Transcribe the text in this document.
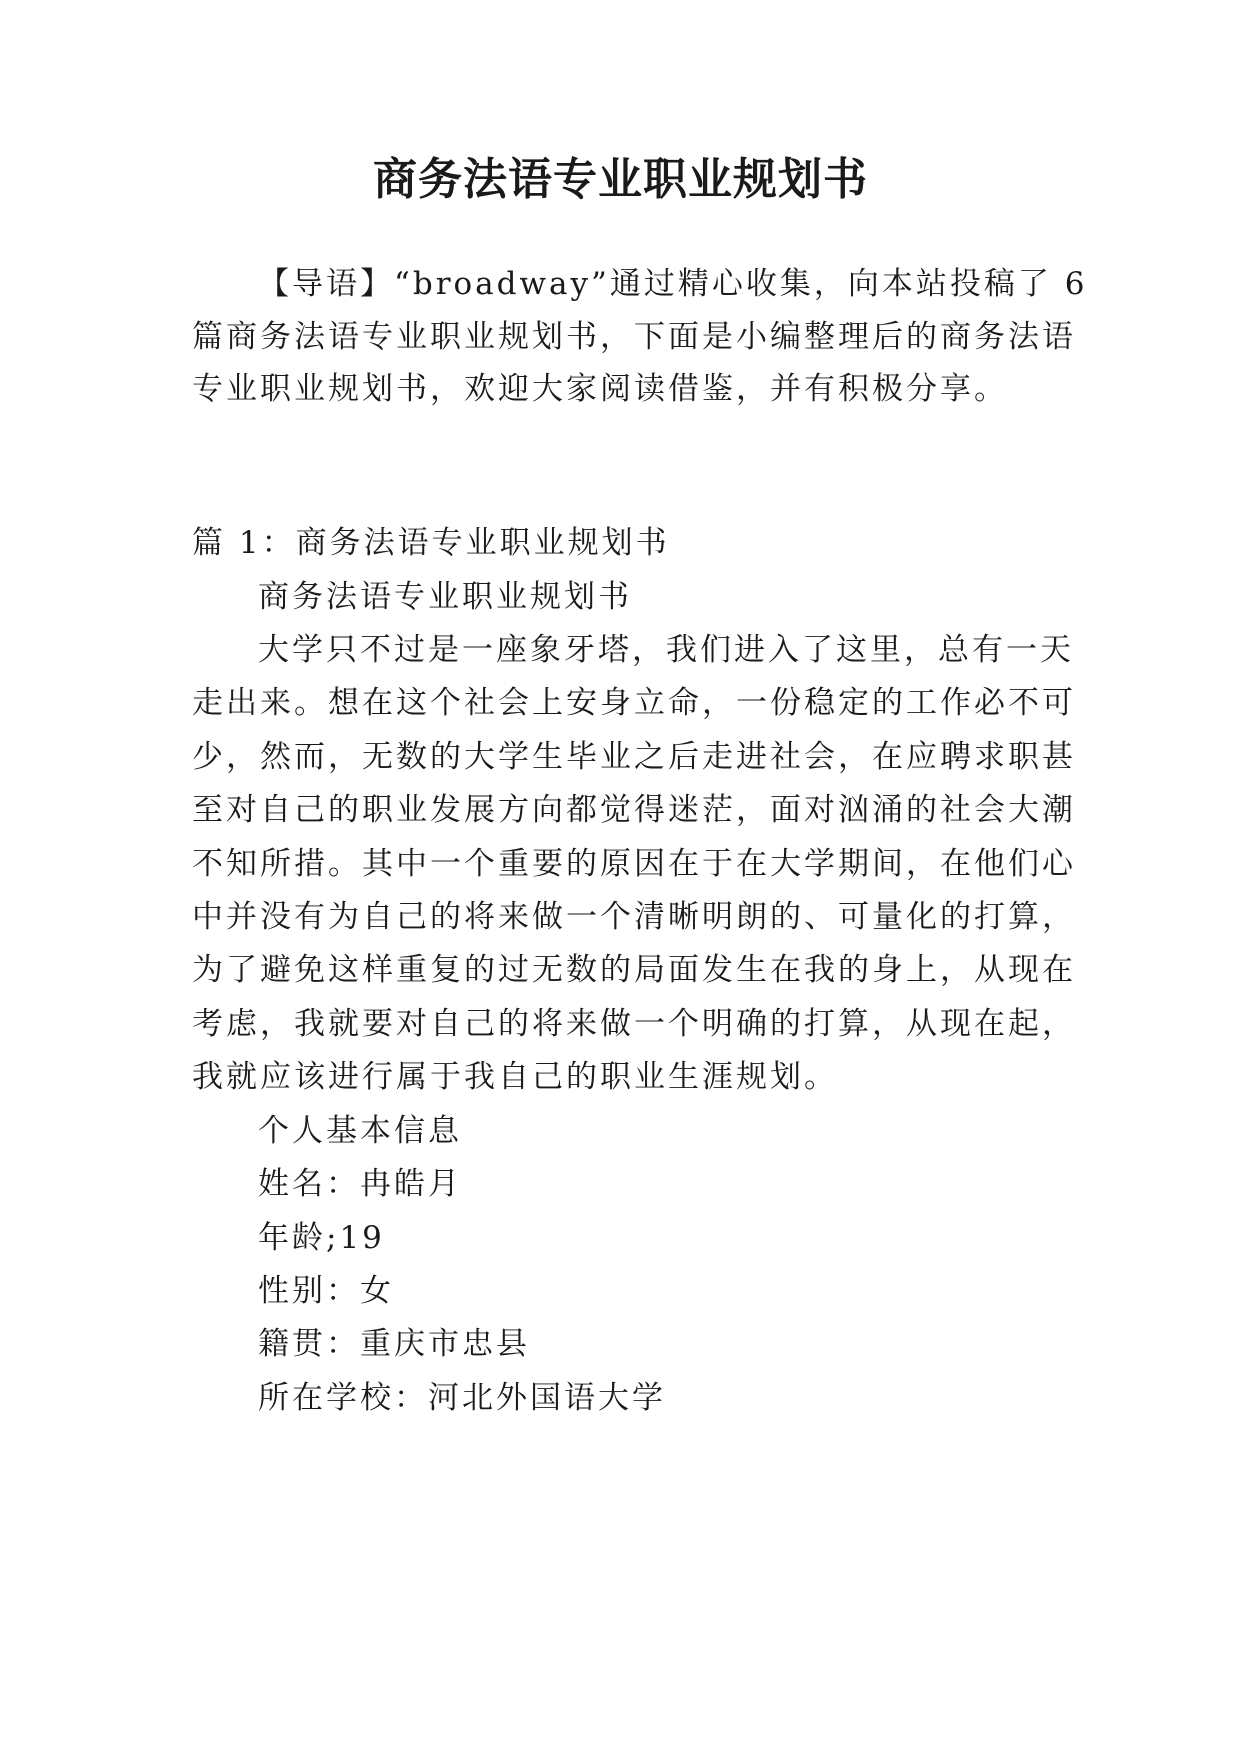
商务法语专业职业规划书
【导语】“broadway”通过精心收集，向本站投稿了 6
篇商务法语专业职业规划书，下面是小编整理后的商务法语
专业职业规划书，欢迎大家阅读借鉴，并有积极分享。
篇 1：商务法语专业职业规划书
商务法语专业职业规划书
大学只不过是一座象牙塔，我们进入了这里，总有一天
走出来。想在这个社会上安身立命，一份稳定的工作必不可
少，然而，无数的大学生毕业之后走进社会，在应聘求职甚
至对自己的职业发展方向都觉得迷茫，面对汹涌的社会大潮
不知所措。其中一个重要的原因在于在大学期间，在他们心
中并没有为自己的将来做一个清晰明朗的、可量化的打算，
为了避免这样重复的过无数的局面发生在我的身上，从现在
考虑，我就要对自己的将来做一个明确的打算，从现在起，
我就应该进行属于我自己的职业生涯规划。
个人基本信息
姓名：冉皓月
年龄;19
性别：女
籍贯：重庆市忠县
所在学校：河北外国语大学
